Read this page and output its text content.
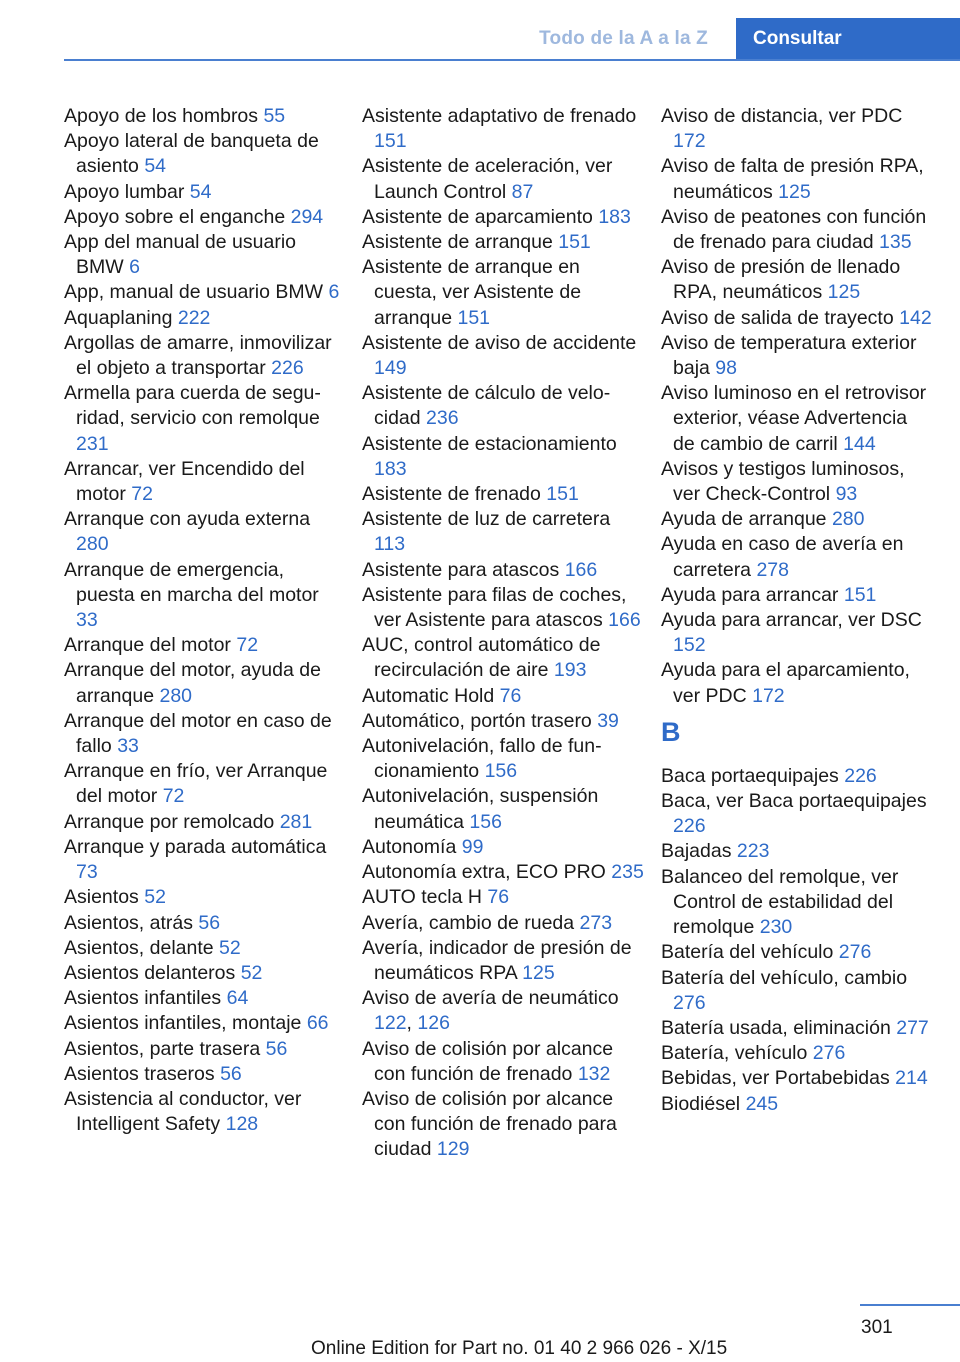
Todo de la A a la Z	Consultar
Apoyo de los hombros 55
Apoyo lateral de banqueta de asiento 54
Apoyo lumbar 54
Apoyo sobre el enganche 294
App del manual de usuario BMW 6
App, manual de usuario BMW 6
Aquaplaning 222
Argollas de amarre, inmovilizar el objeto a transportar 226
Armella para cuerda de seguridad, servicio con remolque 231
Arrancar, ver Encendido del motor 72
Arranque con ayuda externa 280
Arranque de emergencia, puesta en marcha del motor 33
Arranque del motor 72
Arranque del motor, ayuda de arranque 280
Arranque del motor en caso de fallo 33
Arranque en frío, ver Arranque del motor 72
Arranque por remolcado 281
Arranque y parada automática 73
Asientos 52
Asientos, atrás 56
Asientos, delante 52
Asientos delanteros 52
Asientos infantiles 64
Asientos infantiles, montaje 66
Asientos, parte trasera 56
Asientos traseros 56
Asistencia al conductor, ver Intelligent Safety 128
Asistente adaptativo de frenado 151
Asistente de aceleración, ver Launch Control 87
Asistente de aparcamiento 183
Asistente de arranque 151
Asistente de arranque en cuesta, ver Asistente de arranque 151
Asistente de aviso de accidente 149
Asistente de cálculo de velocidad 236
Asistente de estacionamiento 183
Asistente de frenado 151
Asistente de luz de carretera 113
Asistente para atascos 166
Asistente para filas de coches, ver Asistente para atascos 166
AUC, control automático de recirculación de aire 193
Automatic Hold 76
Automático, portón trasero 39
Autonivelación, fallo de funcionamiento 156
Autonivelación, suspensión neumática 156
Autonomía 99
Autonomía extra, ECO PRO 235
AUTO tecla H 76
Avería, cambio de rueda 273
Avería, indicador de presión de neumáticos RPA 125
Aviso de avería de neumático 122, 126
Aviso de colisión por alcance con función de frenado 132
Aviso de colisión por alcance con función de frenado para ciudad 129
Aviso de distancia, ver PDC 172
Aviso de falta de presión RPA, neumáticos 125
Aviso de peatones con función de frenado para ciudad 135
Aviso de presión de llenado RPA, neumáticos 125
Aviso de salida de trayecto 142
Aviso de temperatura exterior baja 98
Aviso luminoso en el retrovisor exterior, véase Advertencia de cambio de carril 144
Avisos y testigos luminosos, ver Check-Control 93
Ayuda de arranque 280
Ayuda en caso de avería en carretera 278
Ayuda para arrancar 151
Ayuda para arrancar, ver DSC 152
Ayuda para el aparcamiento, ver PDC 172
B
Baca portaequipajes 226
Baca, ver Baca portaequipajes 226
Bajadas 223
Balanceo del remolque, ver Control de estabilidad del remolque 230
Batería del vehículo 276
Batería del vehículo, cambio 276
Batería usada, eliminación 277
Batería, vehículo 276
Bebidas, ver Portabebidas 214
Biodiésel 245
301
Online Edition for Part no. 01 40 2 966 026 - X/15
